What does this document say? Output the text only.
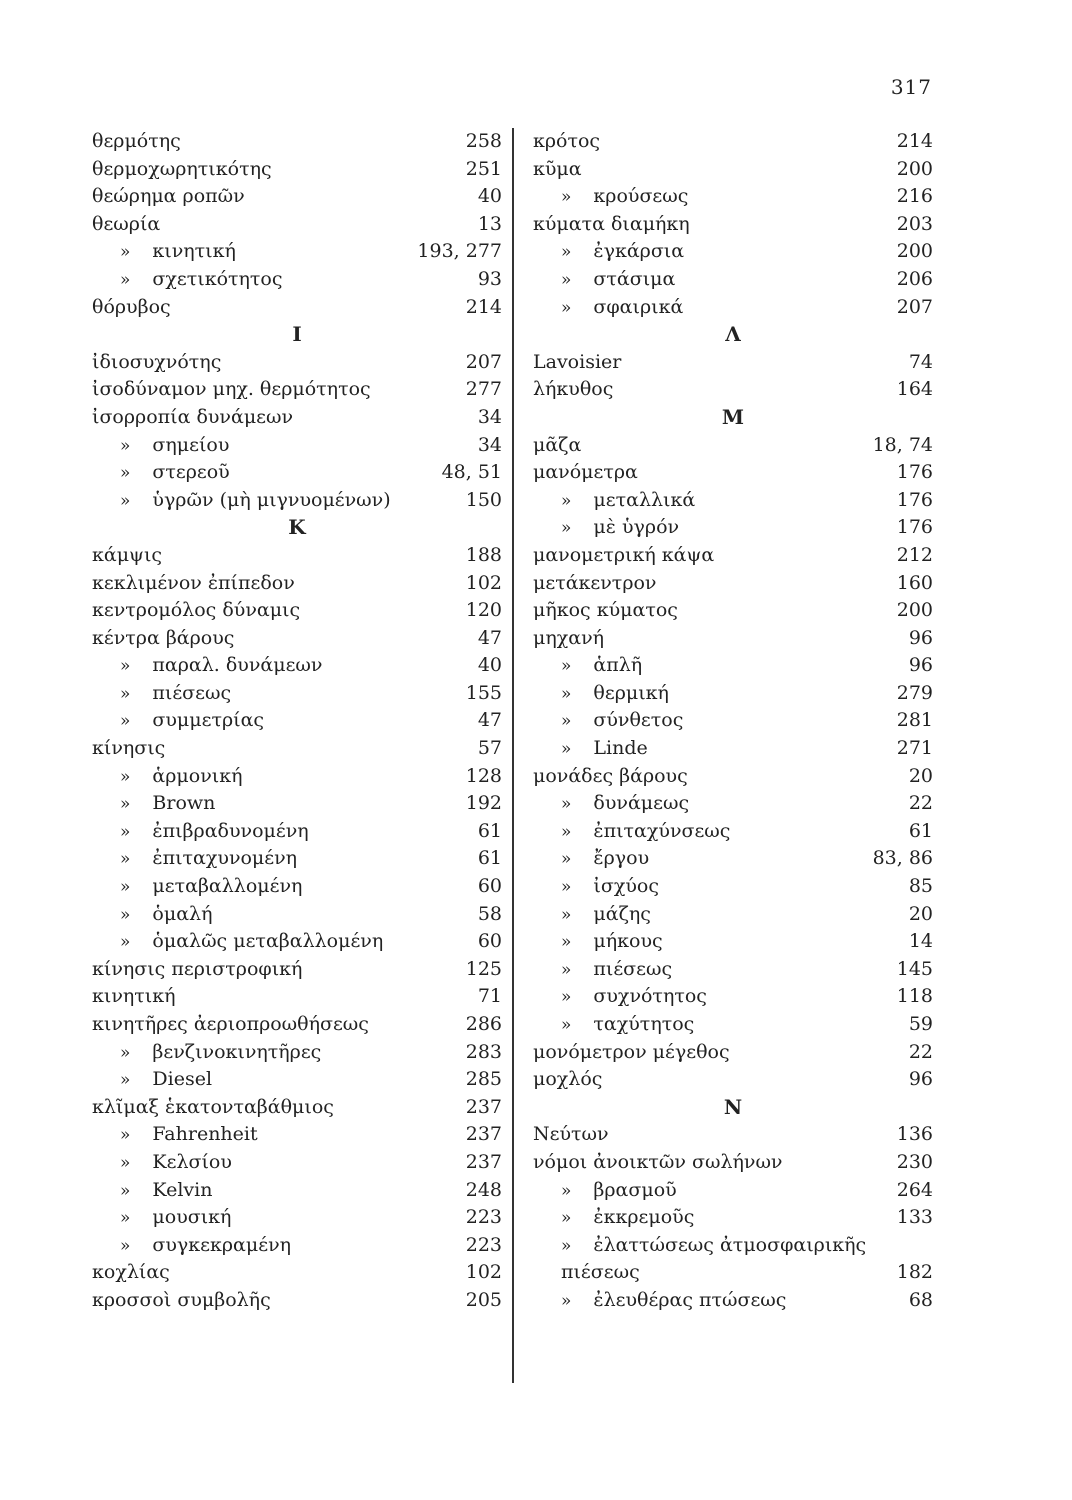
317
θερμότης	258
θερμοχωρητικότης	251
θεώρημα ροπῶν	40
θεωρία	13
» κινητική	193, 277
» σχετικότητος	93
θόρυβος	214
Ι
ἰδιοσυχνότης	207
ἰσοδύναμον μηχ. θερμότητος	277
ἰσορροπία δυνάμεων	34
» σημείου	34
» στερεοῦ	48, 51
» ὑγρῶν (μὴ μιγνυομένων)	150
Κ
κάμψις	188
κεκλιμένον ἐπίπεδον	102
κεντρομόλος δύναμις	120
κέντρα βάρους	47
» παραλ. δυνάμεων	40
» πιέσεως	155
» συμμετρίας	47
κίνησις	57
» ἁρμονική	128
» Brown	192
» ἐπιβραδυνομένη	61
» ἐπιταχυνομένη	61
» μεταβαλλομένη	60
» ὁμαλή	58
» ὁμαλῶς μεταβαλλομένη	60
κίνησις περιστροφική	125
κινητική	71
κινητῆρες ἀεριοπροωθήσεως	286
» βενζινοκινητῆρες	283
» Diesel	285
κλῖμαξ ἑκατονταβάθμιος	237
» Fahrenheit	237
» Κελσίου	237
» Kelvin	248
» μουσική	223
» συγκεκραμένη	223
κοχλίας	102
κροσσοὶ συμβολῆς	205
κρότος	214
κῦμα	200
» κρούσεως	216
κύματα διαμήκη	203
» ἐγκάρσια	200
» στάσιμα	206
» σφαιρικά	207
Λ
Lavoisier	74
λήκυθος	164
Μ
μᾶζα	18, 74
μανόμετρα	176
» μεταλλικά	176
» μὲ ὑγρόν	176
μανομετρική κάψα	212
μετάκεντρον	160
μῆκος κύματος	200
μηχανή	96
» ἁπλῆ	96
» θερμική	279
» σύνθετος	281
» Linde	271
μονάδες βάρους	20
» δυνάμεως	22
» ἐπιταχύνσεως	61
» ἔργου	83, 86
» ἰσχύος	85
» μάζης	20
» μήκους	14
» πιέσεως	145
» συχνότητος	118
» ταχύτητος	59
μονόμετρον μέγεθος	22
μοχλός	96
Ν
Νεύτων	136
νόμοι ἀνοικτῶν σωλήνων	230
» βρασμοῦ	264
» ἐκκρεμοῦς	133
» ἐλαττώσεως ἀτμοσφαιρικῆς
πιέσεως	182
» ἐλευθέρας πτώσεως	68
